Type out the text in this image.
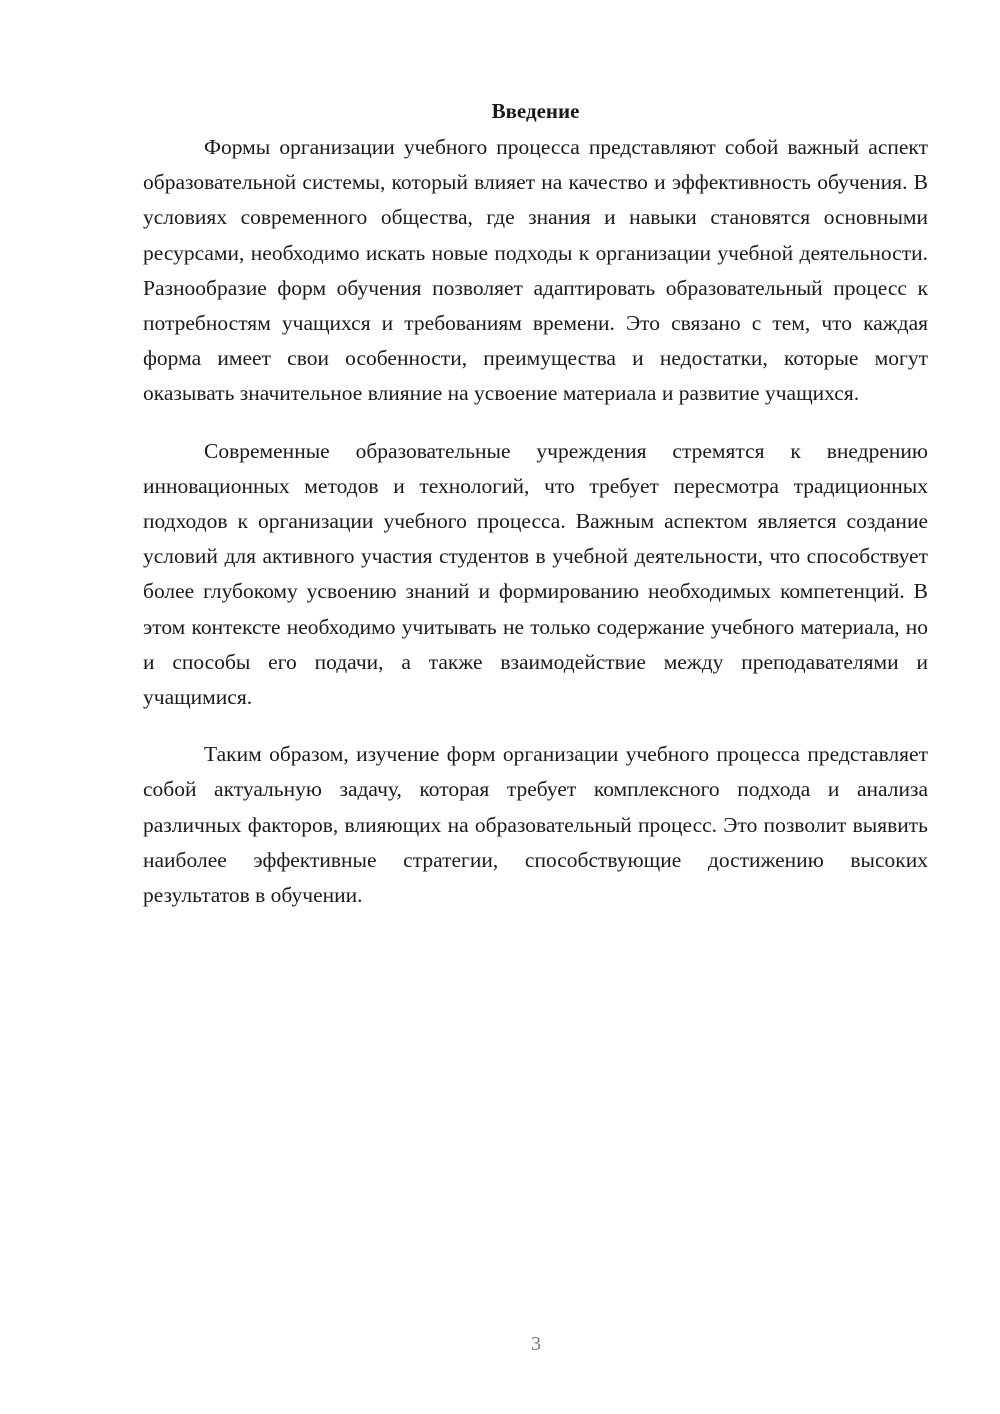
Введение

Формы организации учебного процесса представляют собой важный аспект образовательной системы, который влияет на качество и эффективность обучения. В условиях современного общества, где знания и навыки становятся основными ресурсами, необходимо искать новые подходы к организации учебной деятельности. Разнообразие форм обучения позволяет адаптировать образовательный процесс к потребностям учащихся и требованиям времени. Это связано с тем, что каждая форма имеет свои особенности, преимущества и недостатки, которые могут оказывать значительное влияние на усвоение материала и развитие учащихся.

Современные образовательные учреждения стремятся к внедрению инновационных методов и технологий, что требует пересмотра традиционных подходов к организации учебного процесса. Важным аспектом является создание условий для активного участия студентов в учебной деятельности, что способствует более глубокому усвоению знаний и формированию необходимых компетенций. В этом контексте необходимо учитывать не только содержание учебного материала, но и способы его подачи, а также взаимодействие между преподавателями и учащимися.

Таким образом, изучение форм организации учебного процесса представляет собой актуальную задачу, которая требует комплексного подхода и анализа различных факторов, влияющих на образовательный процесс. Это позволит выявить наиболее эффективные стратегии, способствующие достижению высоких результатов в обучении.

3
